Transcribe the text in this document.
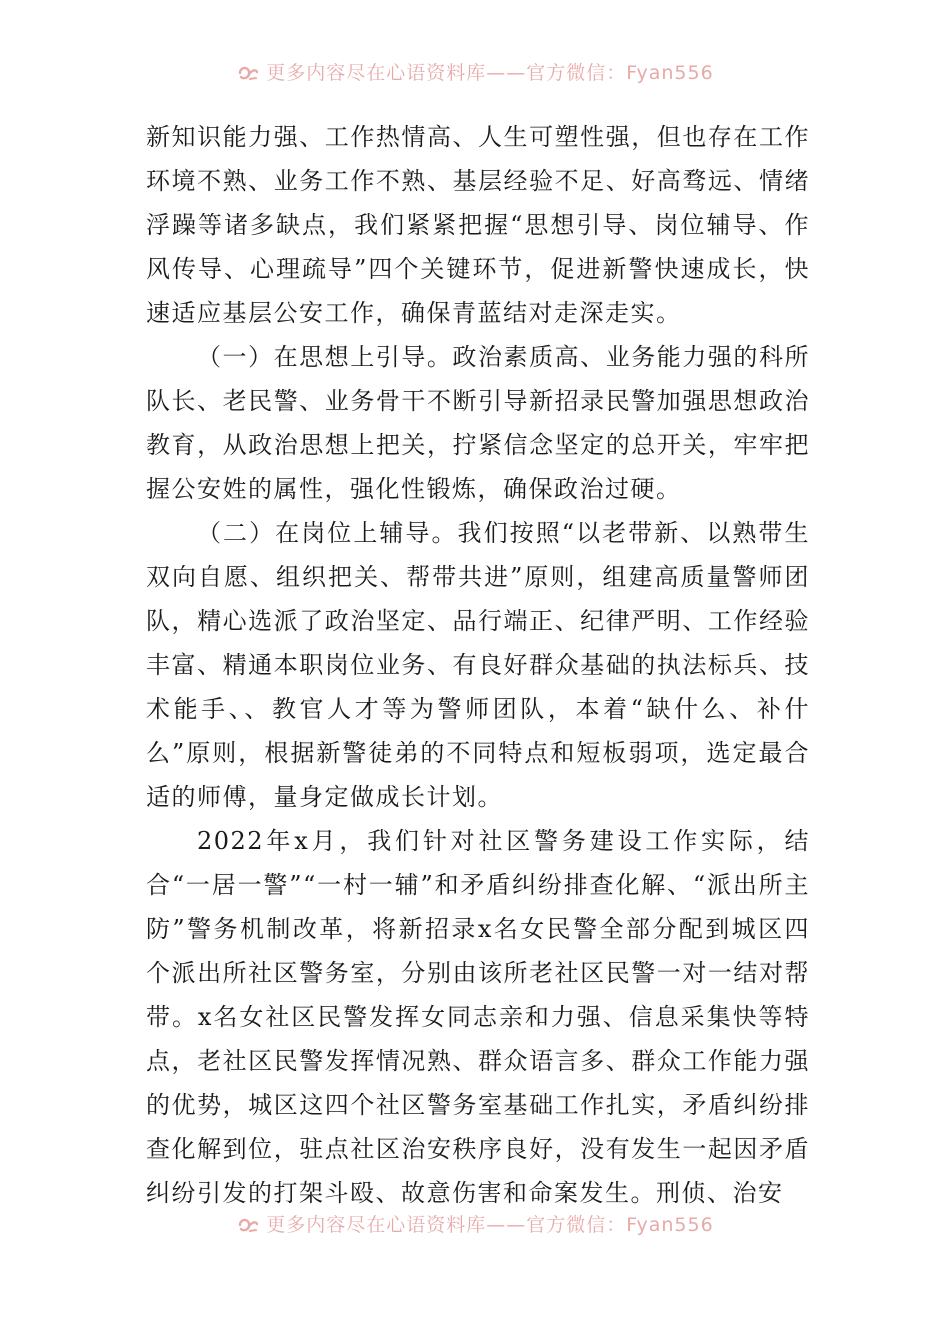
更多内容尽在心语资料库——官方微信：Fyan556

新知识能力强、工作热情高、人生可塑性强，但也存在工作环境不熟、业务工作不熟、基层经验不足、好高骛远、情绪浮躁等诸多缺点，我们紧紧把握“思想引导、岗位辅导、作风传导、心理疏导”四个关键环节，促进新警快速成长，快速适应基层公安工作，确保青蓝结对走深走实。

（一）在思想上引导。政治素质高、业务能力强的科所队长、老民警、业务骨干不断引导新招录民警加强思想政治教育，从政治思想上把关，拧紧信念坚定的总开关，牢牢把握公安姓的属性，强化性锻炼，确保政治过硬。

（二）在岗位上辅导。我们按照“以老带新、以熟带生双向自愿、组织把关、帮带共进”原则，组建高质量警师团队，精心选派了政治坚定、品行端正、纪律严明、工作经验丰富、精通本职岗位业务、有良好群众基础的执法标兵、技术能手、、教官人才等为警师团队，本着“缺什么、补什么”原则，根据新警徒弟的不同特点和短板弱项，选定最合适的师傅，量身定做成长计划。

2022年x月，我们针对社区警务建设工作实际，结合“一居一警”“一村一辅”和矛盾纠纷排查化解、“派出所主防”警务机制改革，将新招录x名女民警全部分配到城区四个派出所社区警务室，分别由该所老社区民警一对一结对帮带。x名女社区民警发挥女同志亲和力强、信息采集快等特点，老社区民警发挥情况熟、群众语言多、群众工作能力强的优势，城区这四个社区警务室基础工作扎实，矛盾纠纷排查化解到位，驻点社区治安秩序良好，没有发生一起因矛盾纠纷引发的打架斗殴、故意伤害和命案发生。刑侦、治安

更多内容尽在心语资料库——官方微信：Fyan556
